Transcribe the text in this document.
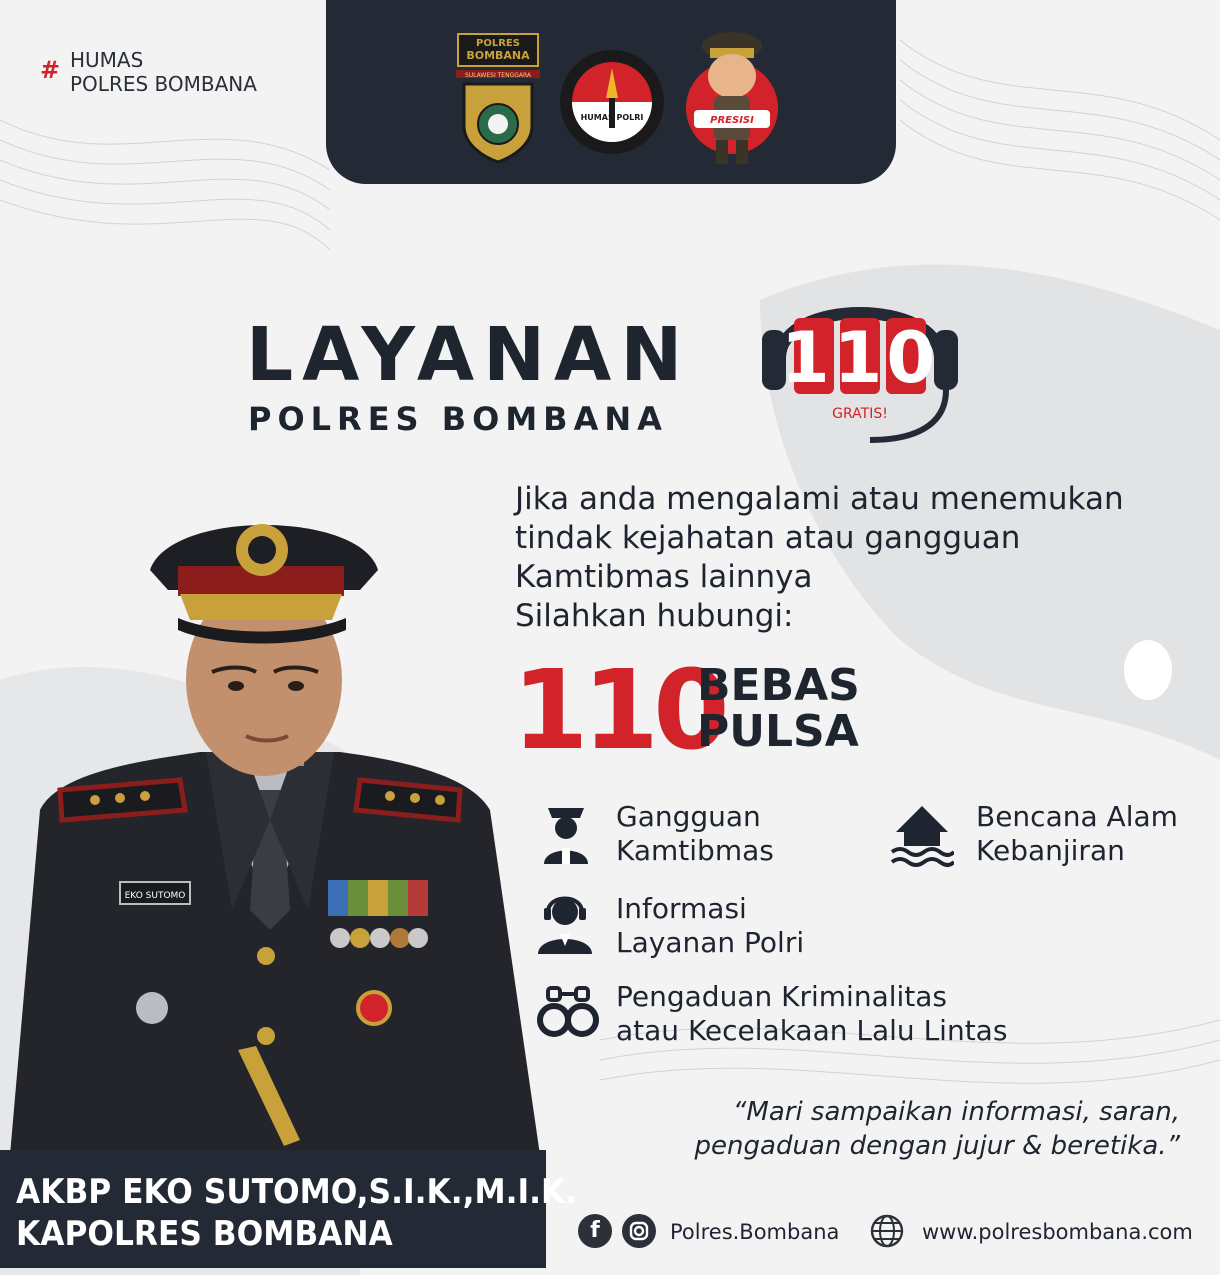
POLRES
BOMBANA
SULAWESI TENGGARA
HUMAS POLRI	PRESISI
# HUMAS
POLRES BOMBANA
LAYANAN
POLRES BOMBANA
110
GRATIS!
Jika anda mengalami atau menemukan
tindak kejahatan atau gangguan
Kamtibmas lainnya
Silahkan hubungi:
110
BEBAS
PULSA
Gangguan
Kamtibmas
Bencana Alam
Kebanjiran
Informasi
Layanan Polri
Pengaduan Kriminalitas
atau Kecelakaan Lalu Lintas
“Mari sampaikan informasi, saran,
pengaduan dengan jujur & beretika.”
EKO SUTOMO
AKBP EKO SUTOMO,S.I.K.,M.I.K.
KAPOLRES BOMBANA	f	Polres.Bombana	www.polresbombana.com
